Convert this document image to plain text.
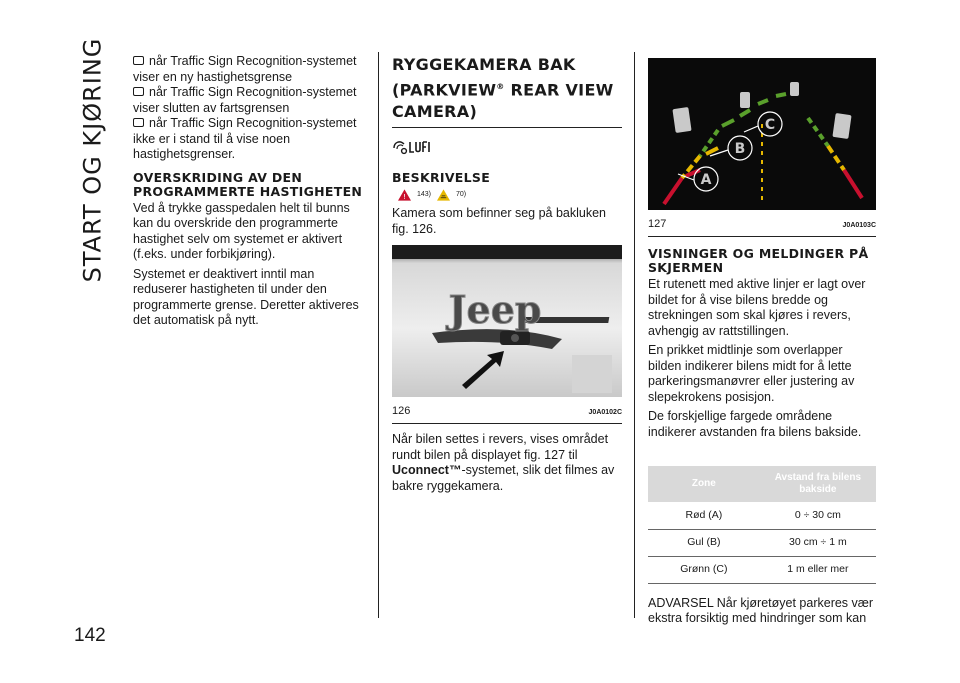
START OG KJØRING
142
når Traffic Sign Recognition-systemet viser en ny hastighetsgrense
når Traffic Sign Recognition-systemet viser slutten av fartsgrensen
når Traffic Sign Recognition-systemet ikke er i stand til å vise noen hastighetsgrenser.
OVERSKRIDING AV DEN PROGRAMMERTE HASTIGHETEN

Ved å trykke gasspedalen helt til bunns kan du overskride den programmerte hastighet selv om systemet er aktivert (f.eks. under forbikjøring).

Systemet er deaktivert inntil man reduserer hastigheten til under den programmerte grense. Deretter aktiveres det automatisk på nytt.

RYGGEKAMERA BAK
(PARKVIEW® REAR VIEW
CAMERA)
BESKRIVELSE
! 143)	70)

Kamera som befinner seg på bakluken fig. 126.

Jeep
126	J0A0102C

Når bilen settes i revers, vises området rundt bilen på displayet fig. 127 til Uconnect™-systemet, slik det filmes av bakre ryggekamera.

C
B
A
127	J0A0103C
VISNINGER OG MELDINGER PÅ SKJERMEN

Et rutenett med aktive linjer er lagt over bildet for å vise bilens bredde og strekningen som skal kjøres i revers, avhengig av rattstillingen.

En prikket midtlinje som overlapper bilden indikerer bilens midt for å lette parkeringsmanøvrer eller justering av slepekrokens posisjon.

De forskjellige fargede områdene indikerer avstanden fra bilens bakside.

Zone	Avstand fra bilens bakside
Rød (A)	0 ÷ 30 cm
Gul (B)	30 cm ÷ 1 m
Grønn (C)	1 m eller mer

ADVARSEL Når kjøretøyet parkeres vær ekstra forsiktig med hindringer som kan
